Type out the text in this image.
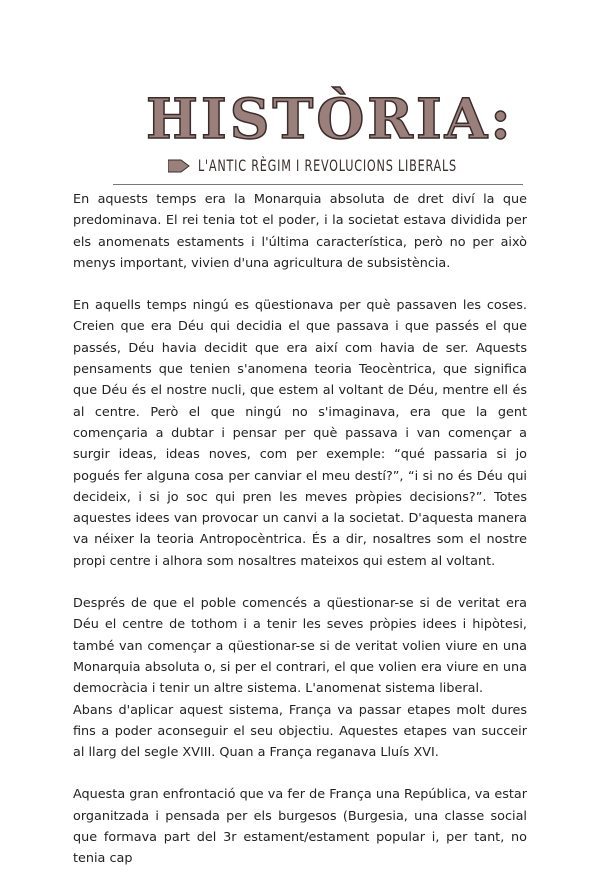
HISTÒRIA:
L'ANTIC RÈGIM I REVOLUCIONS LIBERALS

En aquests temps era la Monarquia absoluta de dret diví la que predominava. El rei tenia tot el poder, i la societat estava dividida per els anomenats estaments i l'última característica, però no per això menys important, vivien d'una agricultura de subsistència.

En aquells temps ningú es qüestionava per què passaven les coses. Creien que era Déu qui decidia el que passava i que passés el que passés, Déu havia decidit que era així com havia de ser. Aquests pensaments que tenien s'anomena teoria Teocèntrica, que significa que Déu és el nostre nucli, que estem al voltant de Déu, mentre ell és al centre. Però el que ningú no s'imaginava, era que la gent començaria a dubtar i pensar per què passava i van començar a surgir ideas, ideas noves, com per exemple: “qué passaria si jo pogués fer alguna cosa per canviar el meu destí?”, “i si no és Déu qui decideix, i si jo soc qui pren les meves pròpies decisions?”. Totes aquestes idees van provocar un canvi a la societat. D'aquesta manera va néixer la teoria Antropocèntrica. És a dir, nosaltres som el nostre propi centre i alhora som nosaltres mateixos qui estem al voltant.

Després de que el poble comencés a qüestionar-se si de veritat era Déu el centre de tothom i a tenir les seves pròpies idees i hipòtesi, també van començar a qüestionar-se si de veritat volien viure en una Monarquia absoluta o, si per el contrari, el que volien era viure en una democràcia i tenir un altre sistema. L'anomenat sistema liberal.

Abans d'aplicar aquest sistema, França va passar etapes molt dures fins a poder aconseguir el seu objectiu. Aquestes etapes van succeir al llarg del segle XVIII. Quan a França reganava Lluís XVI.

Aquesta gran enfrontació que va fer de França una República, va estar organitzada i pensada per els burgesos (Burgesia, una classe social que formava part del 3r estament/estament popular i, per tant, no tenia cap
